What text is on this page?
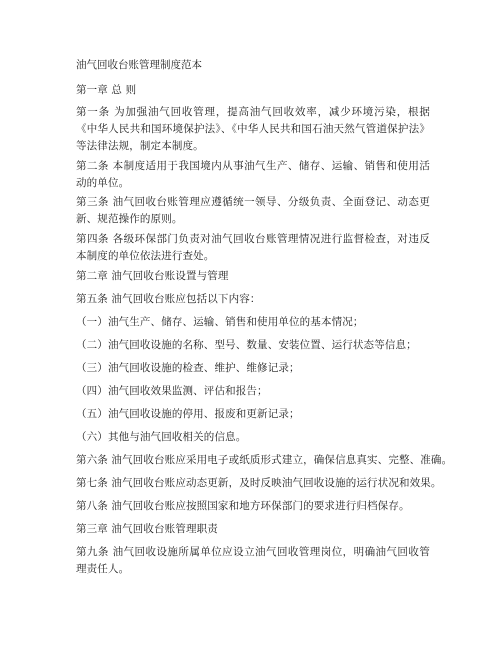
油气回收台账管理制度范本
第一章 总 则
第一条 为加强油气回收管理，提高油气回收效率，减少环境污染，根据《中华人民共和国环境保护法》、《中华人民共和国石油天然气管道保护法》等法律法规，制定本制度。
第二条 本制度适用于我国境内从事油气生产、储存、运输、销售和使用活动的单位。
第三条 油气回收台账管理应遵循统一领导、分级负责、全面登记、动态更新、规范操作的原则。
第四条 各级环保部门负责对油气回收台账管理情况进行监督检查，对违反本制度的单位依法进行查处。
第二章 油气回收台账设置与管理
第五条 油气回收台账应包括以下内容：
（一）油气生产、储存、运输、销售和使用单位的基本情况；
（二）油气回收设施的名称、型号、数量、安装位置、运行状态等信息；
（三）油气回收设施的检查、维护、维修记录；
（四）油气回收效果监测、评估和报告；
（五）油气回收设施的停用、报废和更新记录；
（六）其他与油气回收相关的信息。
第六条 油气回收台账应采用电子或纸质形式建立，确保信息真实、完整、准确。
第七条 油气回收台账应动态更新，及时反映油气回收设施的运行状况和效果。
第八条 油气回收台账应按照国家和地方环保部门的要求进行归档保存。
第三章 油气回收台账管理职责
第九条 油气回收设施所属单位应设立油气回收管理岗位，明确油气回收管理责任人。
